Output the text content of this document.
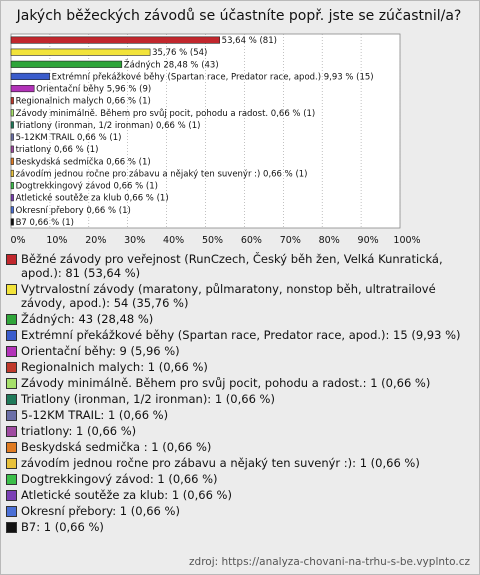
Jakých běžeckých závodů se účastníte popř. jste se zúčastnil/a?
53,64 % (81)
35,76 % (54)
Žádných 28,48 % (43)
Extrémní překážkové běhy (Spartan race, Predator race, apod.) 9,93 % (15)
Orientační běhy 5,96 % (9)
Regionalnich malych 0,66 % (1)
Závody minimálně. Během pro svůj pocit, pohodu a radost. 0,66 % (1)
Triatlony (ironman, 1/2 ironman) 0,66 % (1)
5-12KM TRAIL 0,66 % (1)
triatlony 0,66 % (1)
Beskydská sedmička 0,66 % (1)
závodím jednou ročne pro zábavu a nějaký ten suvenýr :) 0,66 % (1)
Dogtrekkingový závod 0,66 % (1)
Atletické soutěže za klub 0,66 % (1)
Okresní přebory 0,66 % (1)
B7 0,66 % (1)
0% 10% 20% 30% 40% 50% 60% 70% 80% 90% 100%
Běžné závody pro veřejnost (RunCzech, Český běh žen, Velká Kunratická, apod.): 81 (53,64 %)
Vytrvalostní závody (maratony, půlmaratony, nonstop běh, ultratrailové závody, apod.): 54 (35,76 %)
Žádných: 43 (28,48 %)
Extrémní překážkové běhy (Spartan race, Predator race, apod.): 15 (9,93 %)
Orientační běhy: 9 (5,96 %)
Regionalnich malych: 1 (0,66 %)
Závody minimálně. Během pro svůj pocit, pohodu a radost.: 1 (0,66 %)
Triatlony (ironman, 1/2 ironman): 1 (0,66 %)
5-12KM TRAIL: 1 (0,66 %)
triatlony: 1 (0,66 %)
Beskydská sedmička : 1 (0,66 %)
závodím jednou ročne pro zábavu a nějaký ten suvenýr :): 1 (0,66 %)
Dogtrekkingový závod: 1 (0,66 %)
Atletické soutěže za klub: 1 (0,66 %)
Okresní přebory: 1 (0,66 %)
B7: 1 (0,66 %)
zdroj: https://analyza-chovani-na-trhu-s-be.vyplnto.cz
